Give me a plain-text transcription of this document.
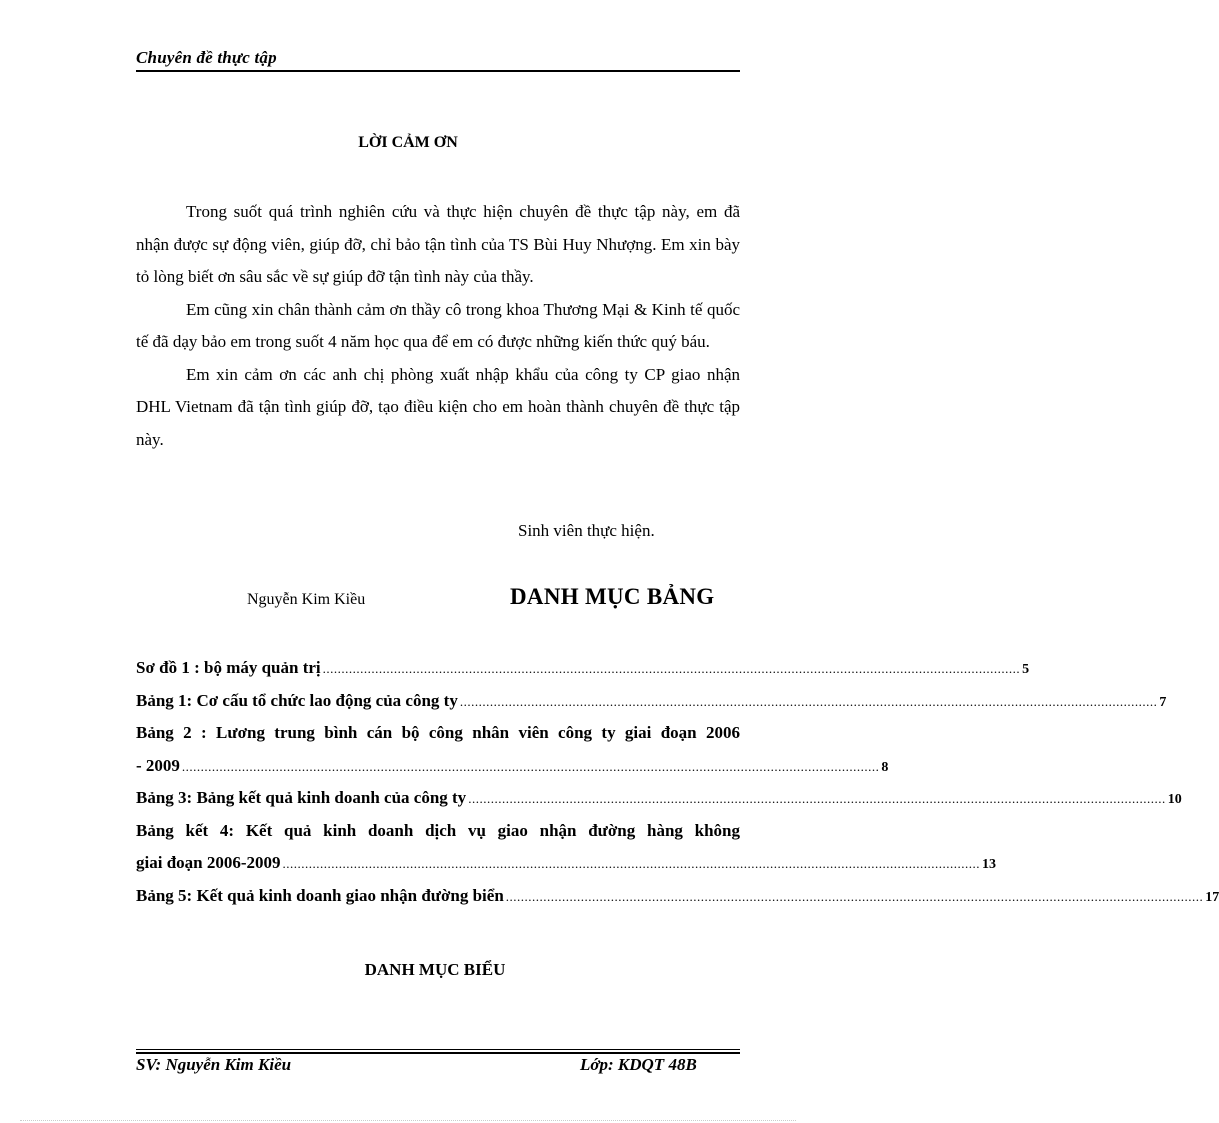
Chuyên đề thực tập
LỜI CẢM ƠN

Trong suốt quá trình nghiên cứu và thực hiện chuyên đề thực tập này, em đã nhận được sự động viên, giúp đỡ, chỉ bảo tận tình của TS Bùi Huy Nhượng. Em xin bày tỏ lòng biết ơn sâu sắc về sự giúp đỡ tận tình này của thầy.

Em cũng xin chân thành cảm ơn thầy cô trong khoa Thương Mại & Kinh tế quốc tế đã dạy bảo em trong suốt 4 năm học qua để em có được những kiến thức quý báu.

Em xin cảm ơn các anh chị phòng xuất nhập khẩu của công ty CP giao nhận DHL Vietnam đã tận tình giúp đỡ, tạo điều kiện cho em hoàn thành chuyên đề thực tập này.

Sinh viên thực hiện.
Nguyễn Kim Kiều	DANH MỤC BẢNG
Sơ đồ 1 : bộ máy quản trị .......................................................................................................................................................................................... 5
Bảng 1: Cơ cấu tổ chức lao động của công ty .......................................................................................................................................................................................... 7
Bảng 2 : Lương trung bình cán bộ công nhân viên công ty giai đoạn 2006
- 2009 .......................................................................................................................................................................................... 8
Bảng 3: Bảng kết quả kinh doanh của công ty .......................................................................................................................................................................................... 10
Bảng kết 4: Kết quả kinh doanh dịch vụ giao nhận đường hàng không
giai đoạn 2006-2009 .......................................................................................................................................................................................... 13
Bảng 5: Kết quả kinh doanh giao nhận đường biển .......................................................................................................................................................................................... 17
DANH MỤC BIỂU
SV: Nguyễn Kim Kiều	Lớp: KDQT 48B
